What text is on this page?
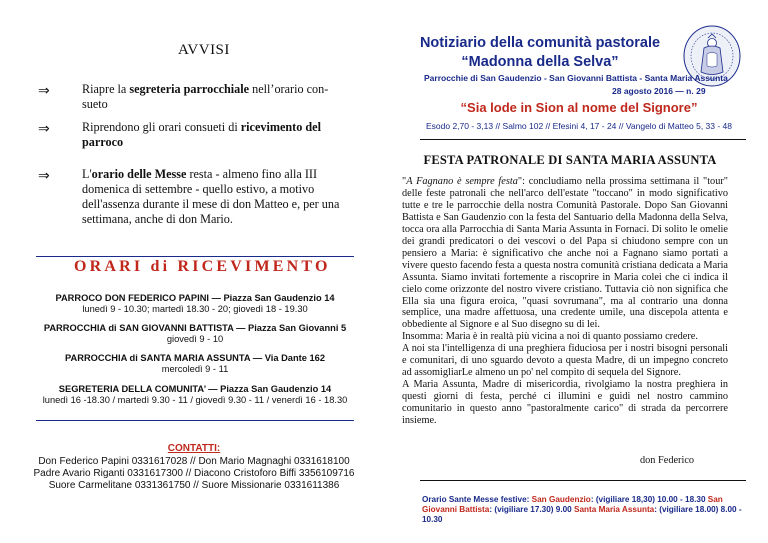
AVVISI
⇒	Riapre la segreteria parrocchiale nell’orario con-sueto
⇒	Riprendono gli orari consueti di ricevimento del parroco
⇒	L'orario delle Messe resta - almeno fino alla III domenica di settembre - quello estivo, a motivo dell'assenza durante il mese di don Matteo e, per una settimana, anche di don Mario.
ORARI di RICEVIMENTO
PARROCO DON FEDERICO PAPINI — Piazza San Gaudenzio 14
lunedì 9 - 10.30; martedì 18.30 - 20; giovedì 18 - 19.30
PARROCCHIA di SAN GIOVANNI BATTISTA — Piazza San Giovanni 5
giovedì 9 - 10
PARROCCHIA di SANTA MARIA ASSUNTA — Via Dante 162
mercoledì 9 - 11
SEGRETERIA DELLA COMUNITA’ — Piazza San Gaudenzio 14
lunedì 16 -18.30 / martedì 9.30 - 11 / giovedì 9.30 - 11 / venerdì 16 - 18.30
CONTATTI:
Don Federico Papini 0331617028 // Don Mario Magnaghi 0331618100
Padre Avario Riganti 0331617300 // Diacono Cristoforo Biffi 3356109716
Suore Carmelitane 0331361750 // Suore Missionarie 0331611386
Notiziario della comunità pastorale
“Madonna della Selva”
Parrocchie di San Gaudenzio - San Giovanni Battista - Santa Maria Assunta
28 agosto 2016 — n. 29
“Sia lode in Sion al nome del Signore”
Esodo 2,70 - 3,13 // Salmo 102 // Efesini 4, 17 - 24 // Vangelo di Matteo 5, 33 - 48
FESTA PATRONALE DI SANTA MARIA ASSUNTA

"A Fagnano è sempre festa": concludiamo nella prossima settimana il "tour" delle feste patronali che nell'arco dell'estate "toccano" in modo significativo tutte e tre le parrocchie della nostra Comunità Pastorale. Dopo San Giovanni Battista e San Gaudenzio con la festa del Santuario della Madonna della Selva, tocca ora alla Parrocchia di Santa Maria Assunta in Fornaci. Di solito le omelie dei grandi predicatori o dei vescovi o del Papa si chiudono sempre con un pensiero a Maria: è significativo che anche noi a Fagnano siamo portati a vivere questo facendo festa a questa nostra comunità cristiana dedicata a Maria Assunta. Siamo invitati fortemente a riscoprire in Maria colei che ci indica il cielo come orizzonte del nostro vivere cristiano. Tuttavia ciò non significa che Ella sia una figura eroica, "quasi sovrumana", ma al contrario una donna semplice, una madre affettuosa, una credente umile, una discepola attenta e obbediente al Signore e al Suo disegno su di lei.

Insomma: Maria è in realtà più vicina a noi di quanto possiamo credere.

A noi sta l'intelligenza di una preghiera fiduciosa per i nostri bisogni personali e comunitari, di uno sguardo devoto a questa Madre, di un impegno concreto ad assomigliarLe almeno un po' nel compito di sequela del Signore.

A Maria Assunta, Madre di misericordia, rivolgiamo la nostra preghiera in questi giorni di festa, perché ci illumini e guidi nel nostro cammino comunitario in questo anno "pastoralmente carico" di strada da percorrere insieme.

don Federico
Orario Sante Messe festive: San Gaudenzio: (vigiliare 18,30) 10.00 - 18.30 San Giovanni Battista: (vigiliare 17.30) 9.00 Santa Maria Assunta: (vigiliare 18.00) 8.00 - 10.30
